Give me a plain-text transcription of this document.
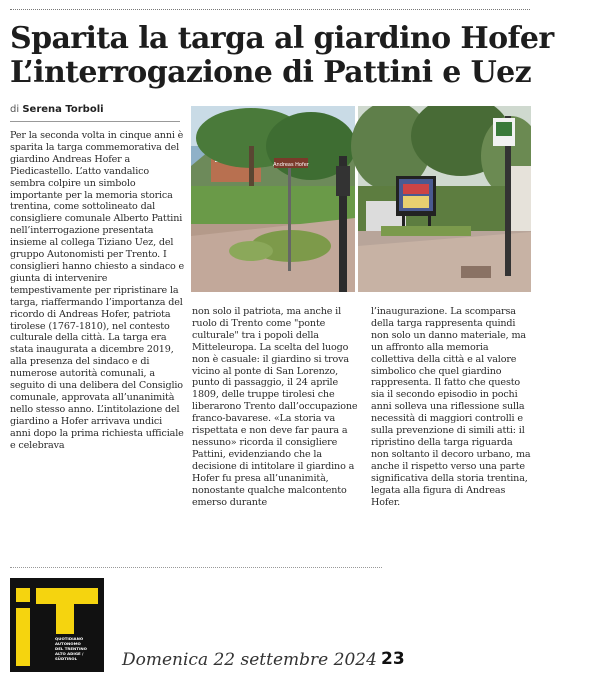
Sparita la targa al giardino Hofer
L’interrogazione di Pattini e Uez
di Serena Torboli

Per la seconda volta in cinque anni è sparita la targa commemorativa del giardino Andreas Hofer a Piedicastello. L’atto vandalico sembra colpire un simbolo importante per la memoria storica trentina, come sottolineato dal consigliere comunale Alberto Pattini nell’interrogazione presentata insieme al collega Tiziano Uez, del gruppo Autonomisti per Trento. I consiglieri hanno chiesto a sindaco e giunta di intervenire tempestivamente per ripristinare la targa, riaffermando l’importanza del ricordo di Andreas Hofer, patriota tirolese (1767-1810), nel contesto culturale della città. La targa era stata inaugurata a dicembre 2019, alla presenza del sindaco e di numerose autorità comunali, a seguito di una delibera del Consiglio comunale, approvata all’unanimità nello stesso anno. L’intitolazione del giardino a Hofer arrivava undici anni dopo la prima richiesta ufficiale e celebrava

Andreas Hofer

non solo il patriota, ma anche il ruolo di Trento come "ponte culturale" tra i popoli della Mitteleuropa. La scelta del luogo non è casuale: il giardino si trova vicino al ponte di San Lorenzo, punto di passaggio, il 24 aprile 1809, delle truppe tirolesi che liberarono Trento dall’occupazione franco-bavarese. «La storia va rispettata e non deve far paura a nessuno» ricorda il consigliere Pattini, evidenziando che la decisione di intitolare il giardino a Hofer fu presa all’unanimità, nonostante qualche malcontento emerso durante

l’inaugurazione. La scomparsa della targa rappresenta quindi non solo un danno materiale, ma un affronto alla memoria collettiva della città e al valore simbolico che quel giardino rappresenta. Il fatto che questo sia il secondo episodio in pochi anni solleva una riflessione sulla necessità di maggiori controlli e sulla prevenzione di simili atti: il ripristino della targa riguarda non soltanto il decoro urbano, ma anche il rispetto verso una parte significativa della storia trentina, legata alla figura di Andreas Hofer.

QUOTIDIANO
AUTONOMO
DEL TRENTINO
ALTO ADIGE /
SÜDTIROL	Domenica 22 settembre 2024 23
